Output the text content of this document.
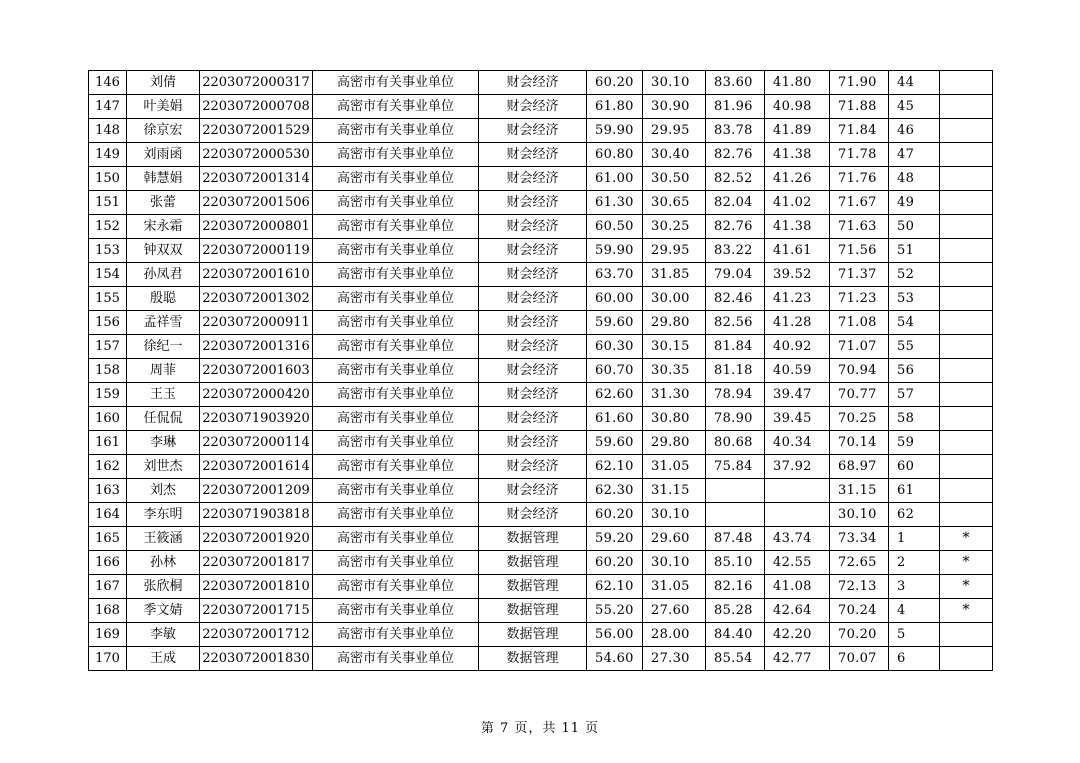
146	刘倩	2203072000317	高密市有关事业单位	财会经济	60.20	30.10	83.60	41.80	71.90	44	
147	叶美娟	2203072000708	高密市有关事业单位	财会经济	61.80	30.90	81.96	40.98	71.88	45	
148	徐京宏	2203072001529	高密市有关事业单位	财会经济	59.90	29.95	83.78	41.89	71.84	46	
149	刘雨函	2203072000530	高密市有关事业单位	财会经济	60.80	30.40	82.76	41.38	71.78	47	
150	韩慧娟	2203072001314	高密市有关事业单位	财会经济	61.00	30.50	82.52	41.26	71.76	48	
151	张蕾	2203072001506	高密市有关事业单位	财会经济	61.30	30.65	82.04	41.02	71.67	49	
152	宋永霜	2203072000801	高密市有关事业单位	财会经济	60.50	30.25	82.76	41.38	71.63	50	
153	钟双双	2203072000119	高密市有关事业单位	财会经济	59.90	29.95	83.22	41.61	71.56	51	
154	孙凤君	2203072001610	高密市有关事业单位	财会经济	63.70	31.85	79.04	39.52	71.37	52	
155	殷聪	2203072001302	高密市有关事业单位	财会经济	60.00	30.00	82.46	41.23	71.23	53	
156	孟祥雪	2203072000911	高密市有关事业单位	财会经济	59.60	29.80	82.56	41.28	71.08	54	
157	徐纪一	2203072001316	高密市有关事业单位	财会经济	60.30	30.15	81.84	40.92	71.07	55	
158	周菲	2203072001603	高密市有关事业单位	财会经济	60.70	30.35	81.18	40.59	70.94	56	
159	王玉	2203072000420	高密市有关事业单位	财会经济	62.60	31.30	78.94	39.47	70.77	57	
160	任侃侃	2203071903920	高密市有关事业单位	财会经济	61.60	30.80	78.90	39.45	70.25	58	
161	李琳	2203072000114	高密市有关事业单位	财会经济	59.60	29.80	80.68	40.34	70.14	59	
162	刘世杰	2203072001614	高密市有关事业单位	财会经济	62.10	31.05	75.84	37.92	68.97	60	
163	刘杰	2203072001209	高密市有关事业单位	财会经济	62.30	31.15			31.15	61	
164	李东明	2203071903818	高密市有关事业单位	财会经济	60.20	30.10			30.10	62	
165	王筱涵	2203072001920	高密市有关事业单位	数据管理	59.20	29.60	87.48	43.74	73.34	1	*
166	孙林	2203072001817	高密市有关事业单位	数据管理	60.20	30.10	85.10	42.55	72.65	2	*
167	张欣桐	2203072001810	高密市有关事业单位	数据管理	62.10	31.05	82.16	41.08	72.13	3	*
168	季文婧	2203072001715	高密市有关事业单位	数据管理	55.20	27.60	85.28	42.64	70.24	4	*
169	李敏	2203072001712	高密市有关事业单位	数据管理	56.00	28.00	84.40	42.20	70.20	5	
170	王成	2203072001830	高密市有关事业单位	数据管理	54.60	27.30	85.54	42.77	70.07	6	
第 7 页，共 11 页
